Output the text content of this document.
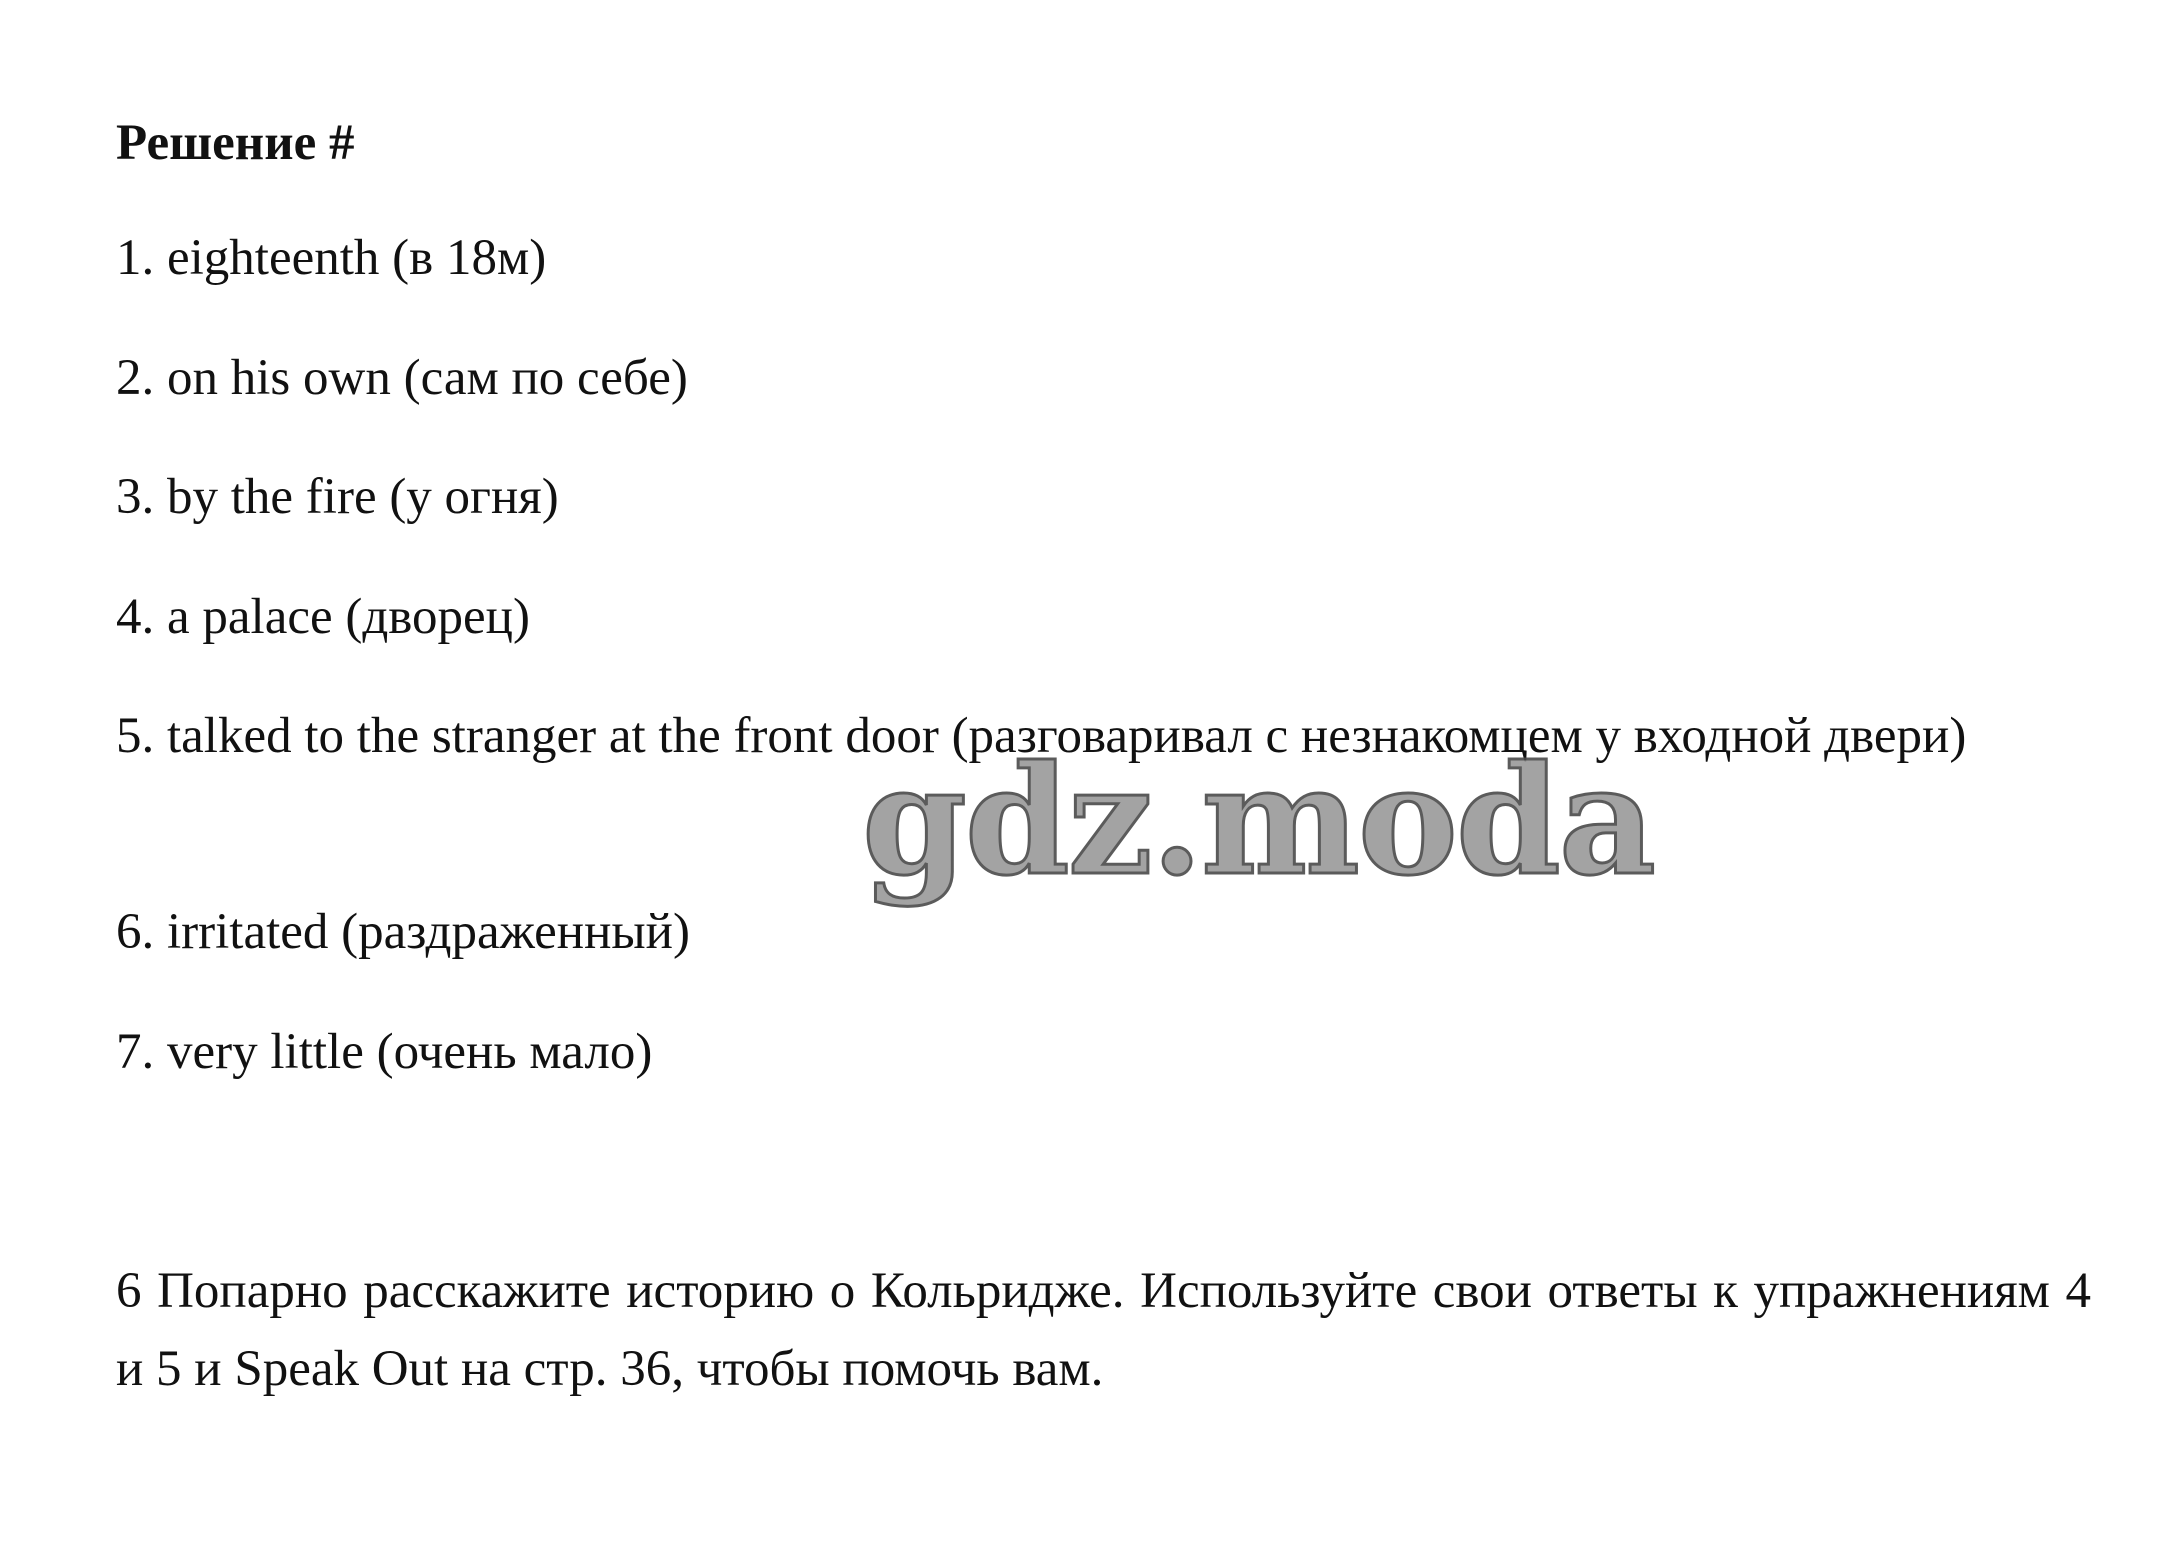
Решение #
1. eighteenth (в 18м)
2. on his own (сам по себе)
3. by the fire (у огня)
4. a palace (дворец)
5. talked to the stranger at the front door (разговаривал с незнакомцем у входной двери)
6. irritated (раздраженный)
7. very little (очень мало)
6 Попарно расскажите историю о Кольридже. Используйте свои ответы к упражнениям 4 и 5 и Speak Out на стр. 36, чтобы помочь вам.
gdz.moda
